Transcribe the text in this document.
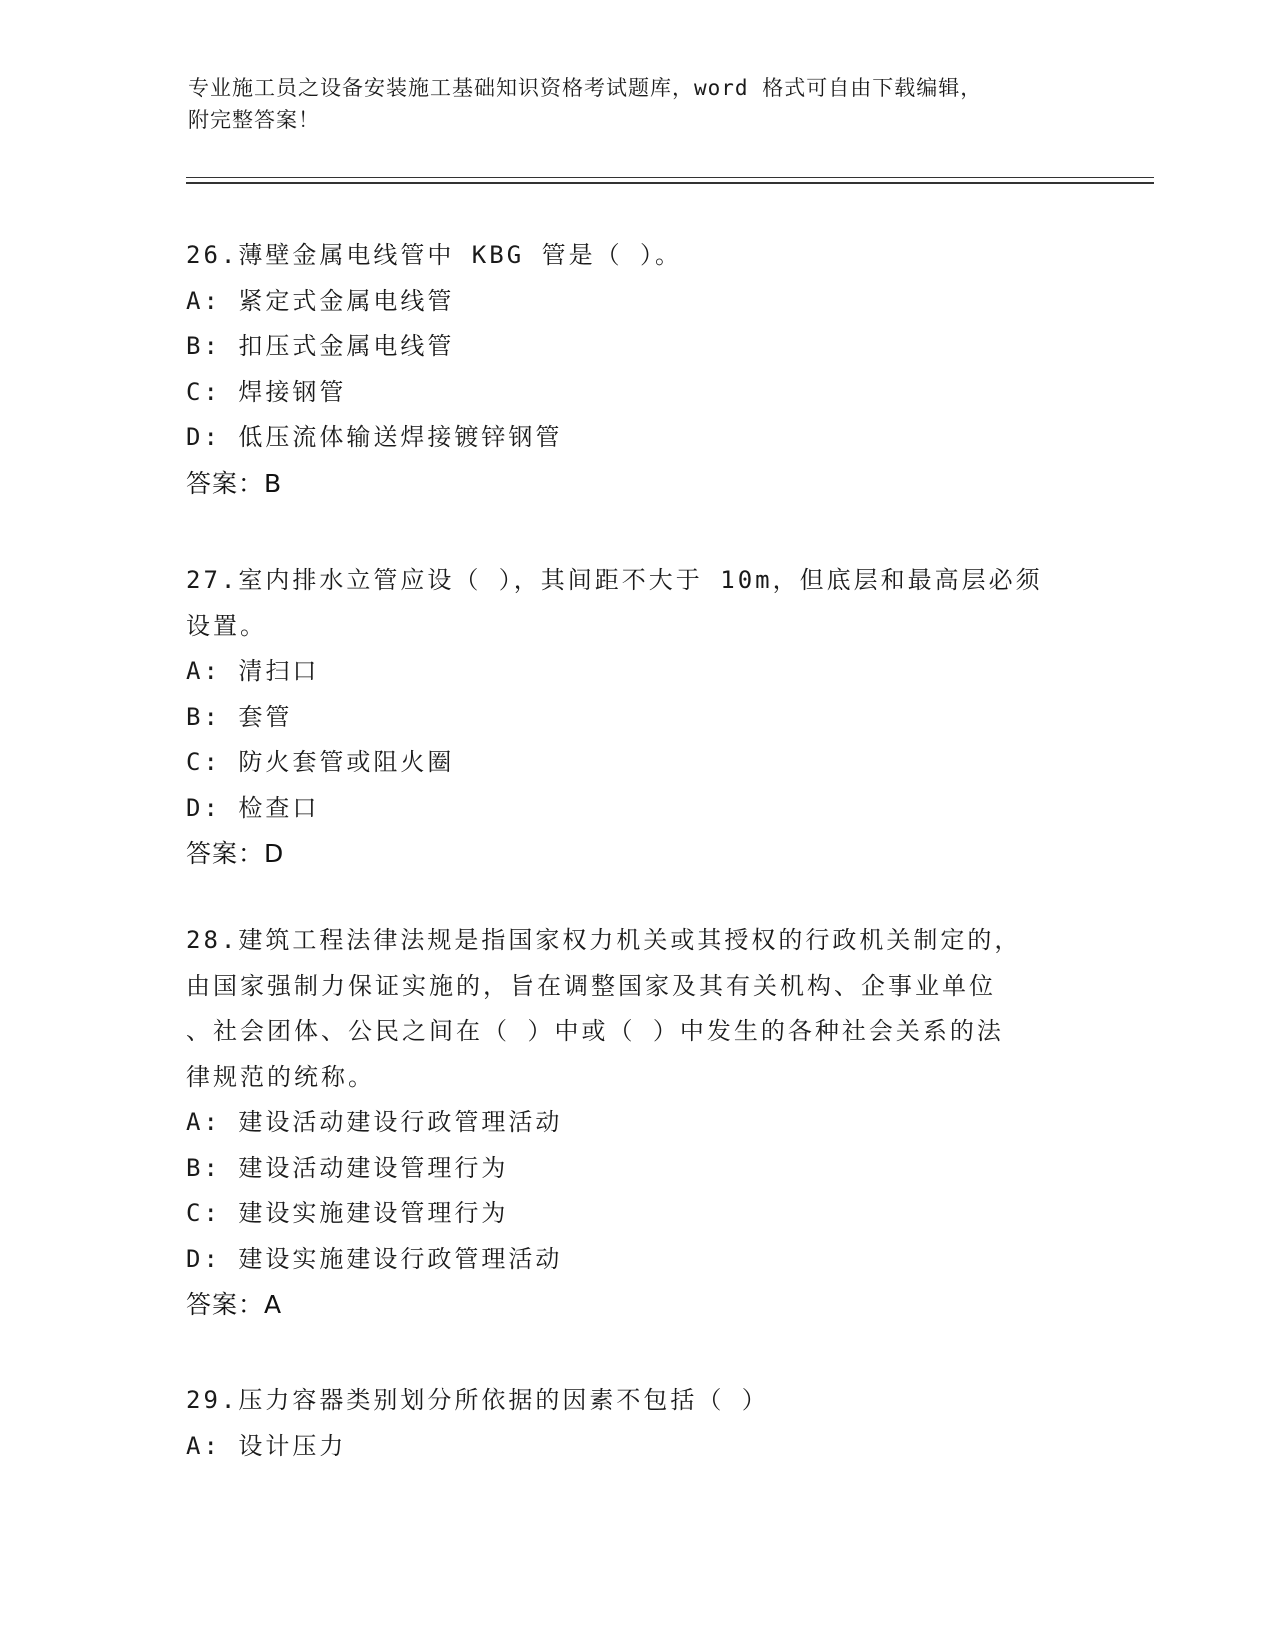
专业施工员之设备安装施工基础知识资格考试题库，word 格式可自由下载编辑，
附完整答案！
26.薄壁金属电线管中 KBG 管是（ ）。
A: 紧定式金属电线管
B: 扣压式金属电线管
C: 焊接钢管
D: 低压流体输送焊接镀锌钢管
答案：B
27.室内排水立管应设（ ），其间距不大于 10m，但底层和最高层必须
设置。
A: 清扫口
B: 套管
C: 防火套管或阻火圈
D: 检查口
答案：D
28.建筑工程法律法规是指国家权力机关或其授权的行政机关制定的，
由国家强制力保证实施的，旨在调整国家及其有关机构、企事业单位
、社会团体、公民之间在（ ）中或（ ）中发生的各种社会关系的法
律规范的统称。
A: 建设活动建设行政管理活动
B: 建设活动建设管理行为
C: 建设实施建设管理行为
D: 建设实施建设行政管理活动
答案：A
29.压力容器类别划分所依据的因素不包括（ ）
A: 设计压力
